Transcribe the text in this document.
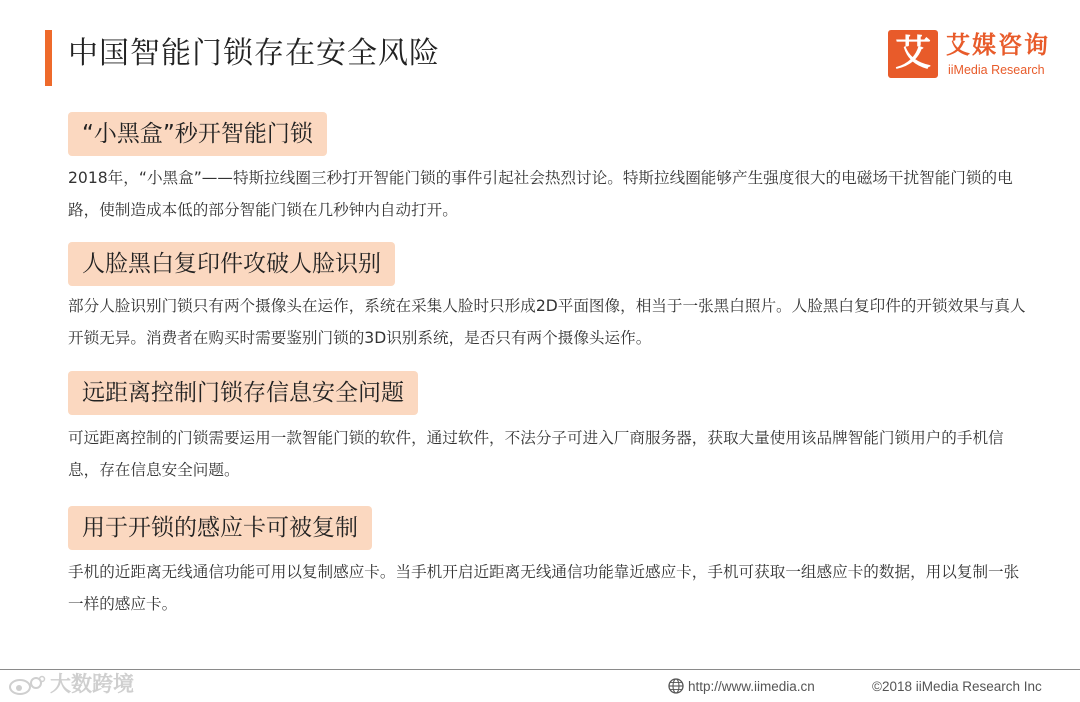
中国智能门锁存在安全风险	艾 艾媒咨询
iiMedia Research
“小黑盒”秒开智能门锁
2018年，“小黑盒”——特斯拉线圈三秒打开智能门锁的事件引起社会热烈讨论。特斯拉线圈能够产生强度很大的电磁场干扰智能门锁的电路，使制造成本低的部分智能门锁在几秒钟内自动打开。
人脸黑白复印件攻破人脸识别
部分人脸识别门锁只有两个摄像头在运作，系统在采集人脸时只形成2D平面图像，相当于一张黑白照片。人脸黑白复印件的开锁效果与真人开锁无异。消费者在购买时需要鉴别门锁的3D识别系统，是否只有两个摄像头运作。
远距离控制门锁存信息安全问题
可远距离控制的门锁需要运用一款智能门锁的软件，通过软件，不法分子可进入厂商服务器，获取大量使用该品牌智能门锁用户的手机信息，存在信息安全问题。
用于开锁的感应卡可被复制
手机的近距离无线通信功能可用以复制感应卡。当手机开启近距离无线通信功能靠近感应卡，手机可获取一组感应卡的数据，用以复制一张一样的感应卡。
大数跨境	http://www.iimedia.cn	©2018 iiMedia Research Inc
